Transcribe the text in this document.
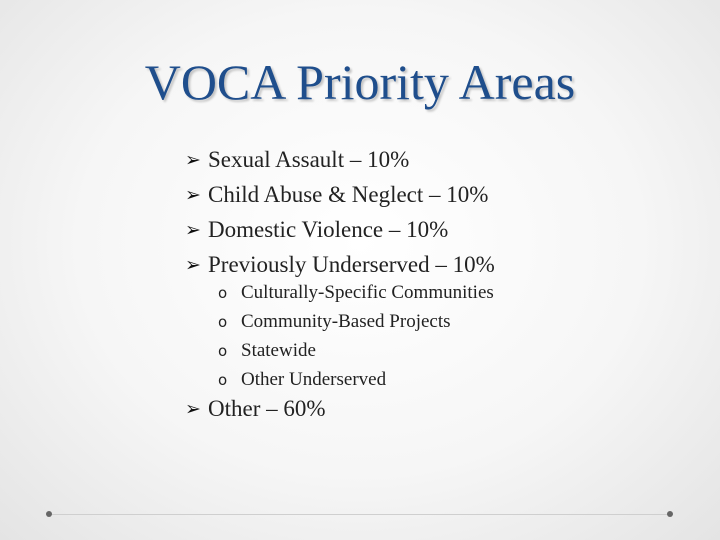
VOCA Priority Areas
➢ Sexual Assault – 10%
➢ Child Abuse & Neglect – 10%
➢ Domestic Violence – 10%
➢ Previously Underserved – 10%
o Culturally-Specific Communities
o Community-Based Projects
o Statewide
o Other Underserved
➢ Other – 60%
